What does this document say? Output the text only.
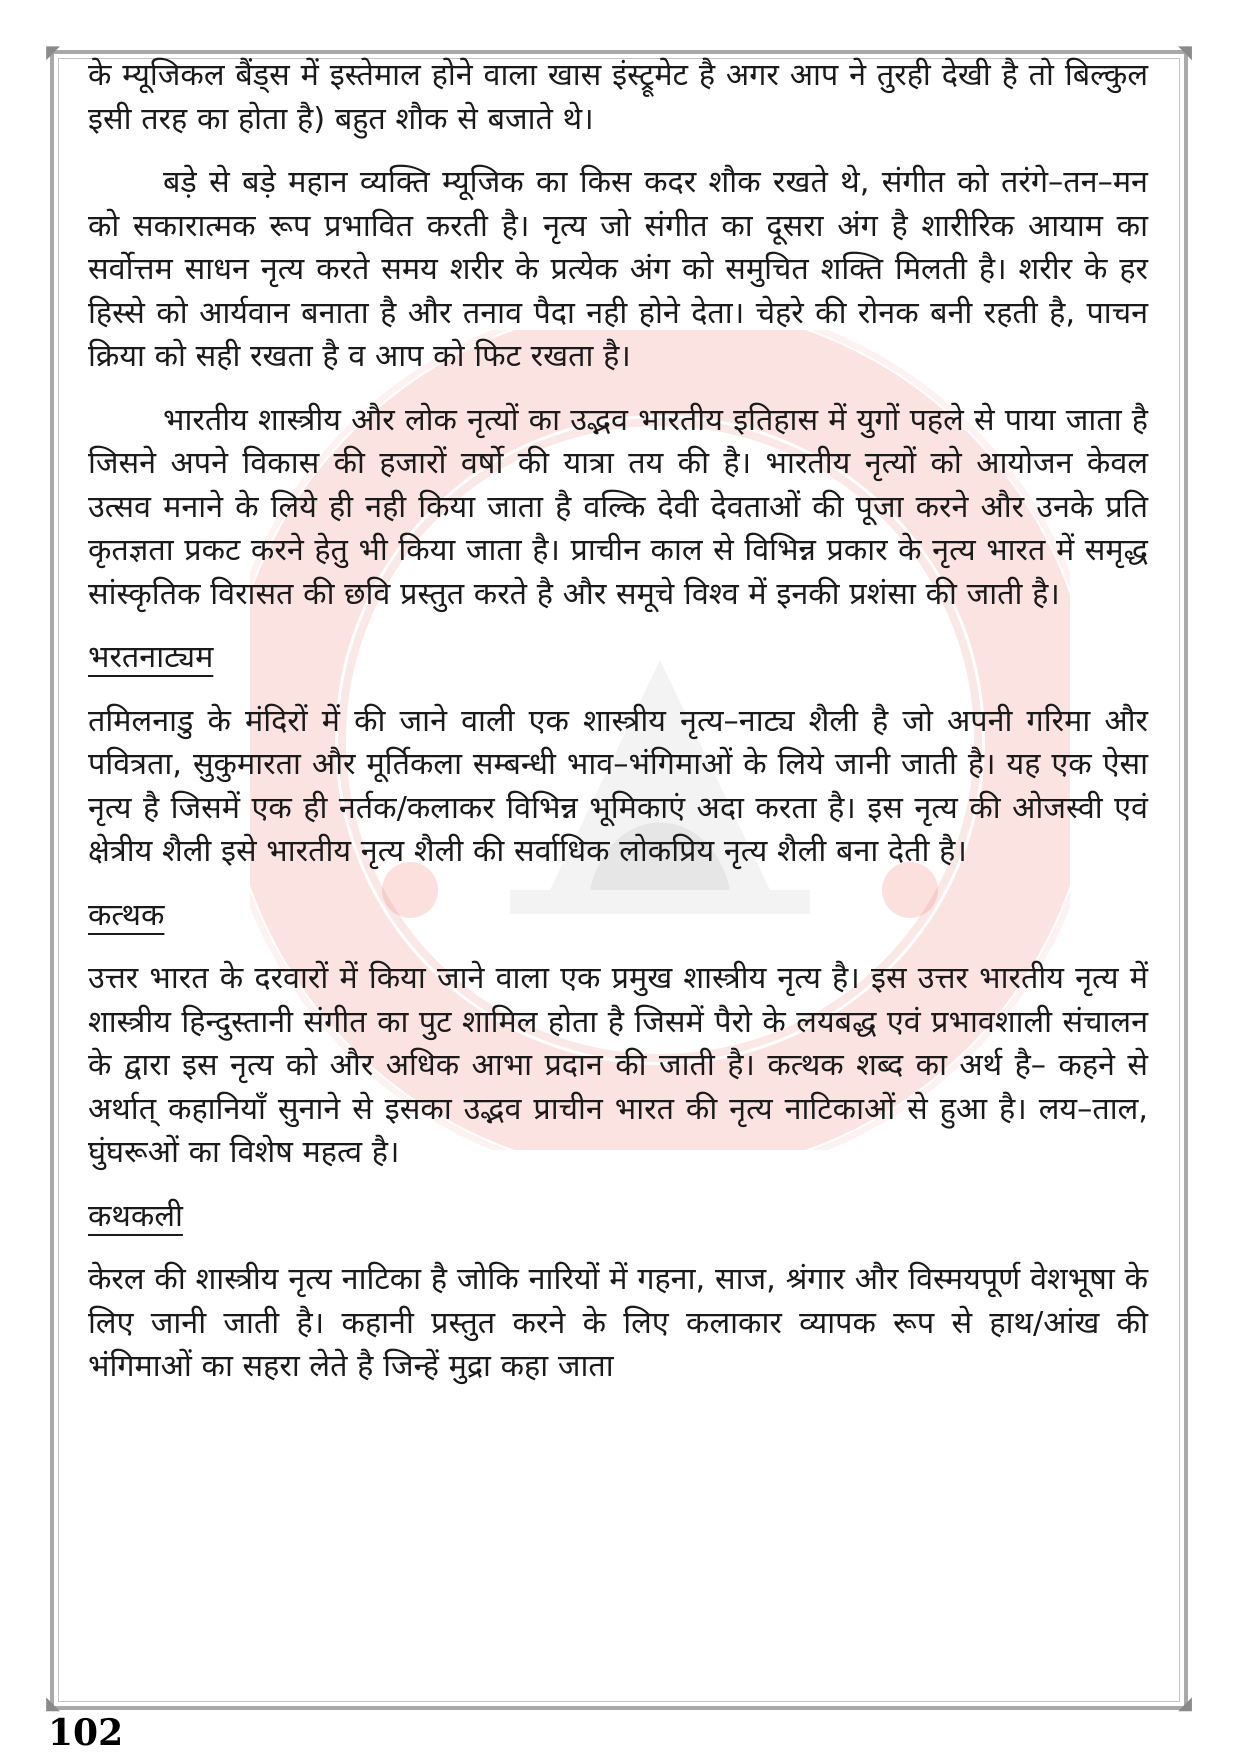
◤	◥
◣	◢

के म्यूजिकल बैंड्स में इस्तेमाल होने वाला खास इंस्ट्रूमेट है अगर आप ने तुरही देखी है तो बिल्कुल इसी तरह का होता है) बहुत शौक से बजाते थे।

बड़े से बड़े महान व्यक्ति म्यूजिक का किस कदर शौक रखते थे, संगीत को तरंगे–तन–मन को सकारात्मक रूप प्रभावित करती है। नृत्य जो संगीत का दूसरा अंग है शारीरिक आयाम का सर्वोत्तम साधन नृत्य करते समय शरीर के प्रत्येक अंग को समुचित शक्ति मिलती है। शरीर के हर हिस्से को आर्यवान बनाता है और तनाव पैदा नही होने देता। चेहरे की रोनक बनी रहती है, पाचन क्रिया को सही रखता है व आप को फिट रखता है।

भारतीय शास्त्रीय और लोक नृत्यों का उद्भव भारतीय इतिहास में युगों पहले से पाया जाता है जिसने अपने विकास की हजारों वर्षो की यात्रा तय की है। भारतीय नृत्यों को आयोजन केवल उत्सव मनाने के लिये ही नही किया जाता है वल्कि देवी देवताओं की पूजा करने और उनके प्रति कृतज्ञता प्रकट करने हेतु भी किया जाता है। प्राचीन काल से विभिन्न प्रकार के नृत्य भारत में समृद्ध सांस्कृतिक विरासत की छवि प्रस्तुत करते है और समूचे विश्व में इनकी प्रशंसा की जाती है।

भरतनाट्यम

तमिलनाडु के मंदिरों में की जाने वाली एक शास्त्रीय नृत्य–नाट्य शैली है जो अपनी गरिमा और पवित्रता, सुकुमारता और मूर्तिकला सम्बन्धी भाव–भंगिमाओं के लिये जानी जाती है। यह एक ऐसा नृत्य है जिसमें एक ही नर्तक/कलाकर विभिन्न भूमिकाएं अदा करता है। इस नृत्य की ओजस्वी एवं क्षेत्रीय शैली इसे भारतीय नृत्य शैली की सर्वाधिक लोकप्रिय नृत्य शैली बना देती है।

कत्थक

उत्तर भारत के दरवारों में किया जाने वाला एक प्रमुख शास्त्रीय नृत्य है। इस उत्तर भारतीय नृत्य में शास्त्रीय हिन्दुस्तानी संगीत का पुट शामिल होता है जिसमें पैरो के लयबद्ध एवं प्रभावशाली संचालन के द्वारा इस नृत्य को और अधिक आभा प्रदान की जाती है। कत्थक शब्द का अर्थ है– कहने से अर्थात् कहानियाँ सुनाने से इसका उद्भव प्राचीन भारत की नृत्य नाटिकाओं से हुआ है। लय–ताल, घुंघरूओं का विशेष महत्व है।

कथकली

केरल की शास्त्रीय नृत्य नाटिका है जोकि नारियों में गहना, साज, श्रंगार और विस्मयपूर्ण वेशभूषा के लिए जानी जाती है। कहानी प्रस्तुत करने के लिए कलाकार व्यापक रूप से हाथ/आंख की भंगिमाओं का सहरा लेते है जिन्हें मुद्रा कहा जाता

102
